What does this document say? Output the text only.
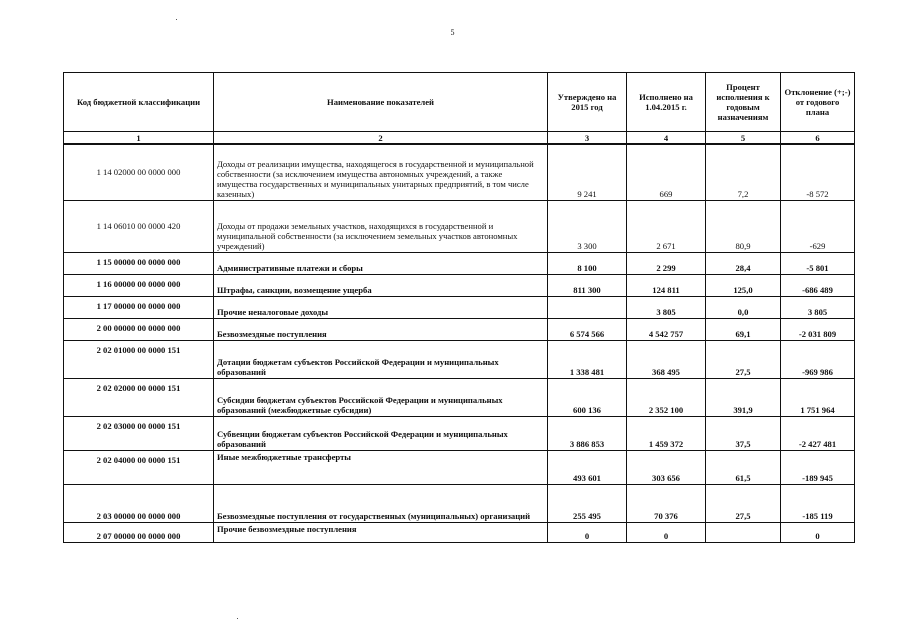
5
Код бюджетной классификации	Наименование показателей	Утверждено на 2015 год	Исполнено на 1.04.2015 г.	Процент исполнения к годовым назначениям	Отклонение (+;-) от годового плана
1	2	3	4	5	6
1 14 02000 00 0000 000	Доходы от реализации имущества, находящегося в государственной и муниципальной собственности (за исключением имущества автономных учреждений, а также имущества государственных и муниципальных унитарных предприятий, в том числе казенных)	9 241	669	7,2	-8 572
1 14 06010 00 0000 420	Доходы от продажи земельных участков, находящихся в государственной и муниципальной собственности (за исключением земельных участков автономных учреждений)	3 300	2 671	80,9	-629
1 15 00000 00 0000 000	Административные платежи и сборы	8 100	2 299	28,4	-5 801
1 16 00000 00 0000 000	Штрафы, санкции, возмещение ущерба	811 300	124 811	125,0	-686 489
1 17 00000 00 0000 000	Прочие неналоговые доходы		3 805	0,0	3 805
2 00 00000 00 0000 000	Безвозмездные поступления	6 574 566	4 542 757	69,1	-2 031 809
2 02 01000 00 0000 151	Дотации бюджетам субъектов Российской Федерации и муниципальных образований	1 338 481	368 495	27,5	-969 986
2 02 02000 00 0000 151	Субсидии бюджетам субъектов Российской Федерации и муниципальных образований (межбюджетные субсидии)	600 136	2 352 100	391,9	1 751 964
2 02 03000 00 0000 151	Субвенции бюджетам субъектов Российской Федерации и муниципальных образований	3 886 853	1 459 372	37,5	-2 427 481
2 02 04000 00 0000 151	Иные межбюджетные трансферты	493 601	303 656	61,5	-189 945
2 03 00000 00 0000 000	Безвозмездные поступления от государственных (муниципальных) организаций	255 495	70 376	27,5	-185 119
2 07 00000 00 0000 000	Прочие безвозмездные поступления	0	0		0
